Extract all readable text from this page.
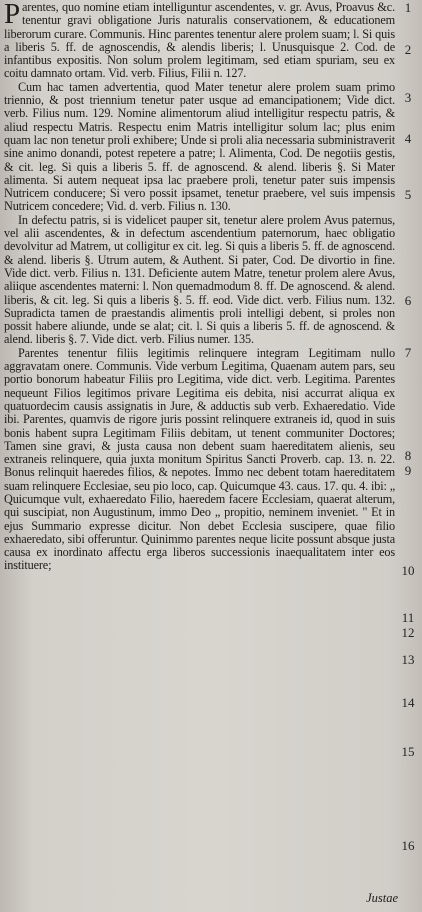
Parentes, quo nomine etiam intelliguntur ascendentes, v. gr. Avus, Proavus &c. tenentur gravi obligatione Juris naturalis conservationem, & educationem liberorum curare. Communis. Hinc parentes tenentur alere prolem suam; l. Si quis a liberis 5. ff. de agnoscendis, & alendis liberis; l. Unusquisque 2. Cod. de infantibus expositis. Non solum prolem legitimam, sed etiam spuriam, seu ex coitu damnato ortam. Vid. verb. Filius, Filii n. 127.

Cum hac tamen advertentia, quod Mater tenetur alere prolem suam primo triennio, & post triennium tenetur pater usque ad emancipationem; Vide dict. verb. Filius num. 129. Nomine alimentorum aliud intelligitur respectu patris, & aliud respectu Matris. Respectu enim Matris intelligitur solum lac; plus enim quam lac non tenetur proli exhibere; Unde si proli alia necessaria subministraverit sine animo donandi, potest repetere a patre; l. Alimenta, Cod. De negotiis gestis, & cit. leg. Si quis a liberis 5. ff. de agnoscend. & alend. liberis §. Si Mater alimenta. Si autem nequeat ipsa lac praebere proli, tenetur pater suis impensis Nutricem conducere; Si vero possit ipsamet, tenetur praebere, vel suis impensis Nutricem concedere; Vid. d. verb. Filius n. 130.

In defectu patris, si is videlicet pauper sit, tenetur alere prolem Avus paternus, vel alii ascendentes, & in defectum ascendentium paternorum, haec obligatio devolvitur ad Matrem, ut colligitur ex cit. leg. Si quis a liberis 5. ff. de agnoscend. & alend. liberis §. Utrum autem, & Authent. Si pater, Cod. De divortio in fine. Vide dict. verb. Filius n. 131. Deficiente autem Matre, tenetur prolem alere Avus, aliique ascendentes materni: l. Non quemadmodum 8. ff. De agnoscend. & alend. liberis, & cit. leg. Si quis a liberis §. 5. ff. eod. Vide dict. verb. Filius num. 132. Supradicta tamen de praestandis alimentis proli intelligi debent, si proles non possit habere aliunde, unde se alat; cit. l. Si quis a liberis 5. ff. de agnoscend. & alend. liberis §. 7. Vide dict. verb. Filius numer. 135.

Parentes tenentur filiis legitimis relinquere integram Legitimam nullo aggravatam onere. Communis. Vide verbum Legitima, Quaenam autem pars, seu portio bonorum habeatur Filiis pro Legitima, vide dict. verb. Legitima. Parentes nequeunt Filios legitimos privare Legitima eis debita, nisi accurrat aliqua ex quatuordecim causis assignatis in Jure, & adductis sub verb. Exhaeredatio. Vide ibi. Parentes, quamvis de rigore juris possint relinquere extraneis id, quod in suis bonis habent supra Legitimam Filiis debitam, ut tenent communiter Doctores; Tamen sine gravi, & justa causa non debent suam haereditatem alienis, seu extraneis relinquere, quia juxta monitum Spiritus Sancti Proverb. cap. 13. n. 22. Bonus relinquit haeredes filios, & nepotes. Immo nec debent totam haereditatem suam relinquere Ecclesiae, seu pio loco, cap. Quicumque 43. caus. 17. qu. 4. ibi: „ Quicumque vult, exhaeredato Filio, haeredem facere Ecclesiam, quaerat alterum, qui suscipiat, non Augustinum, immo Deo „ propitio, neminem inveniet. " Et in ejus Summario expresse dicitur. Non debet Ecclesia suscipere, quae filio exhaeredato, sibi offeruntur. Quinimmo parentes neque licite possunt absque justa causa ex inordinato affectu erga liberos successionis inaequalitatem inter eos instituere;

1
2
3
4
5
6
7
8
9
10
11
12
13
14
15
16
Justae
